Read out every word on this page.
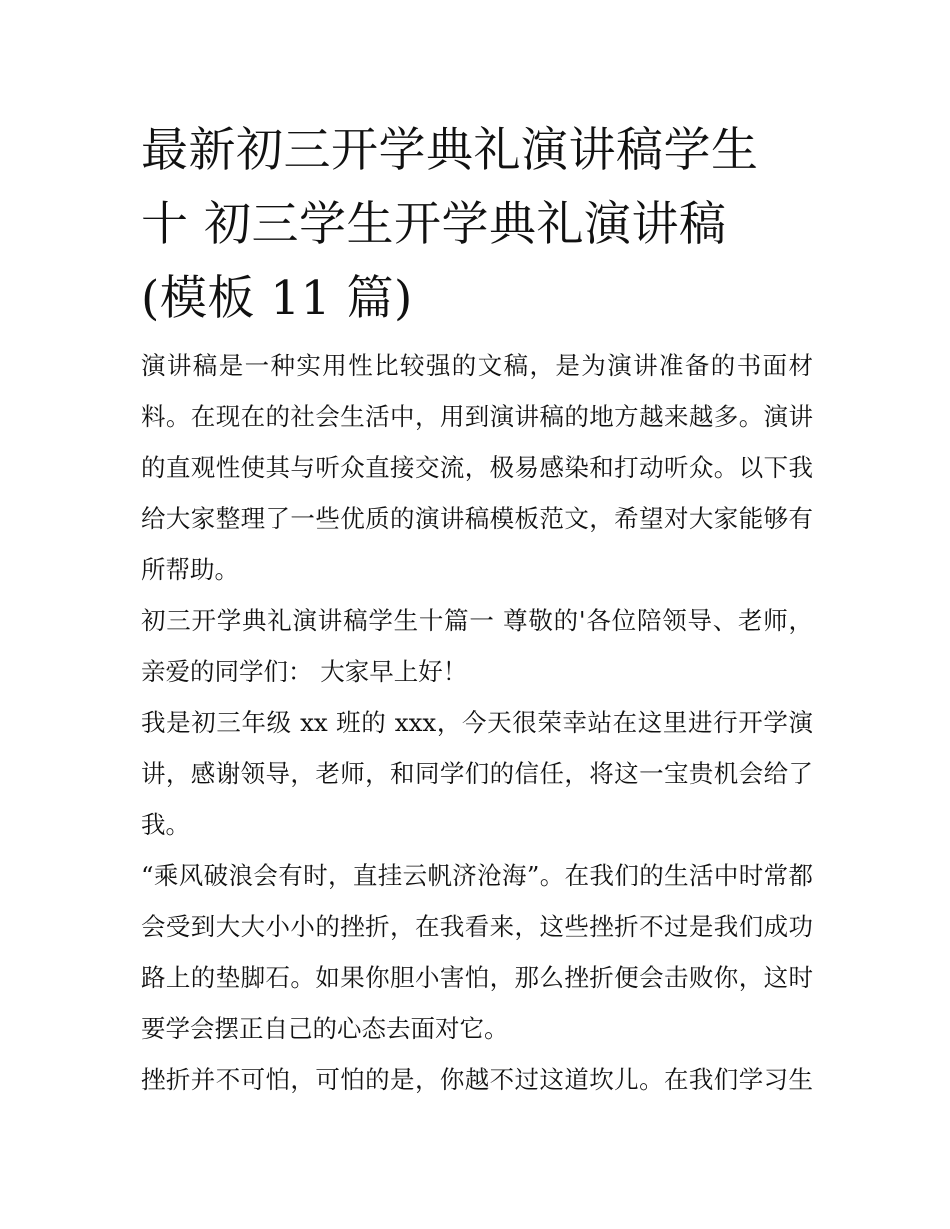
最新初三开学典礼演讲稿学生
十 初三学生开学典礼演讲稿
(模板 11 篇)

演讲稿是一种实用性比较强的文稿，是为演讲准备的书面材
料。在现在的社会生活中，用到演讲稿的地方越来越多。演讲
的直观性使其与听众直接交流，极易感染和打动听众。以下我
给大家整理了一些优质的演讲稿模板范文，希望对大家能够有
所帮助。

初三开学典礼演讲稿学生十篇一 尊敬的'各位陪领导、老师，
亲爱的同学们： 大家早上好！

我是初三年级 xx 班的 xxx，今天很荣幸站在这里进行开学演
讲，感谢领导，老师，和同学们的信任，将这一宝贵机会给了
我。

“乘风破浪会有时，直挂云帆济沧海”。在我们的生活中时常都
会受到大大小小的挫折，在我看来，这些挫折不过是我们成功
路上的垫脚石。如果你胆小害怕，那么挫折便会击败你，这时
要学会摆正自己的心态去面对它。

挫折并不可怕，可怕的是，你越不过这道坎儿。在我们学习生
